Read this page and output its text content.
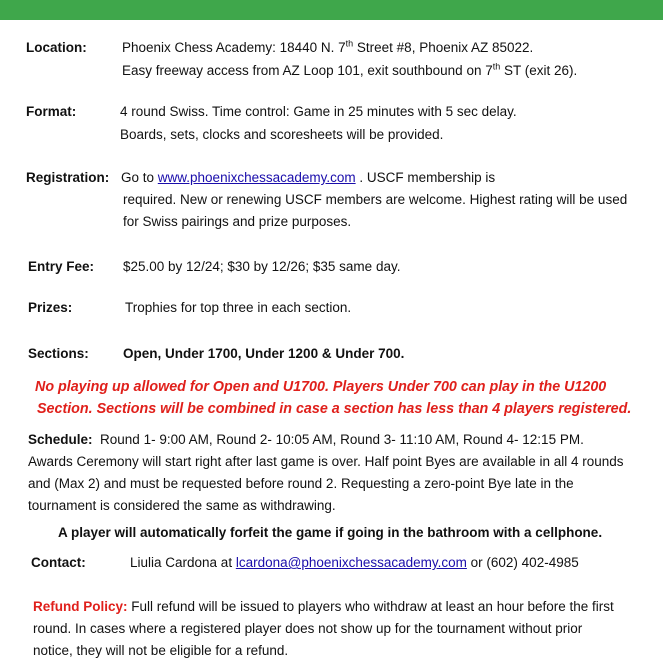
Location:	Phoenix Chess Academy: 18440 N. 7th Street #8, Phoenix AZ 85022.
Easy freeway access from AZ Loop 101, exit southbound on 7th ST (exit 26).
Format:	4 round Swiss. Time control: Game in 25 minutes with 5 sec delay.
Boards, sets, clocks and scoresheets will be provided.
Registration: Go to www.phoenixchessacademy.com . USCF membership is
required. New or renewing USCF members are welcome. Highest rating will be used
for Swiss pairings and prize purposes.
Entry Fee: $25.00 by 12/24; $30 by 12/26; $35 same day.
Prizes:	Trophies for top three in each section.
Sections:	Open, Under 1700, Under 1200 & Under 700.
No playing up allowed for Open and U1700. Players Under 700 can play in the U1200
Section. Sections will be combined in case a section has less than 4 players registered.
Schedule: Round 1- 9:00 AM, Round 2- 10:05 AM, Round 3- 11:10 AM, Round 4- 12:15 PM.
Awards Ceremony will start right after last game is over. Half point Byes are available in all 4 rounds
and (Max 2) and must be requested before round 2. Requesting a zero-point Bye late in the
tournament is considered the same as withdrawing.
A player will automatically forfeit the game if going in the bathroom with a cellphone.
Contact:	Liulia Cardona at lcardona@phoenixchessacademy.com or (602) 402-4985
Refund Policy: Full refund will be issued to players who withdraw at least an hour before the first
round. In cases where a registered player does not show up for the tournament without prior
notice, they will not be eligible for a refund.
